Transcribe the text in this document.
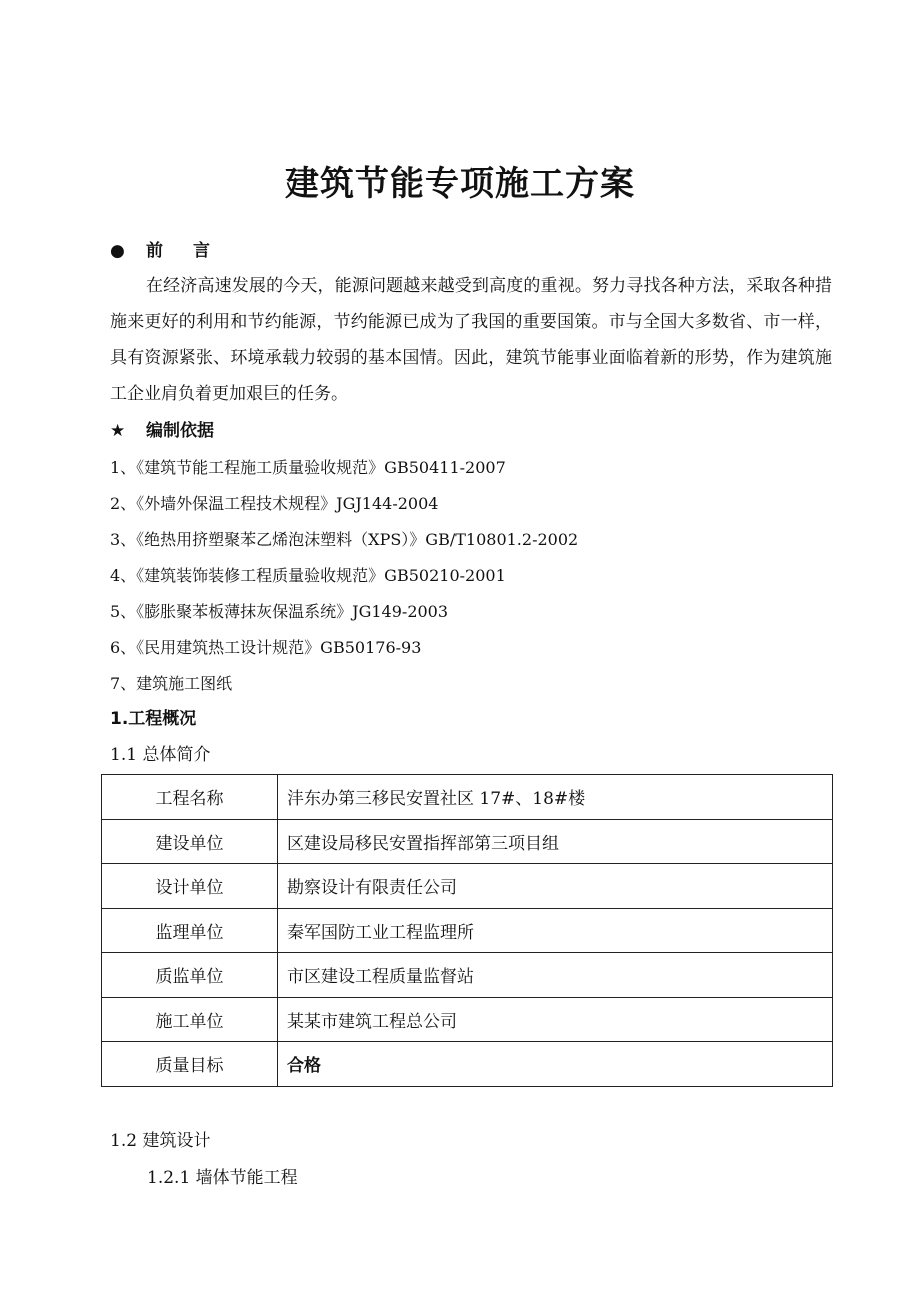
建筑节能专项施工方案
● 前言
在经济高速发展的今天，能源问题越来越受到高度的重视。努力寻找各种方法，采取各种措施来更好的利用和节约能源，节约能源已成为了我国的重要国策。市与全国大多数省、市一样，具有资源紧张、环境承载力较弱的基本国情。因此，建筑节能事业面临着新的形势，作为建筑施工企业肩负着更加艰巨的任务。
★ 编制依据
1、《建筑节能工程施工质量验收规范》GB50411-2007
2、《外墙外保温工程技术规程》JGJ144-2004
3、《绝热用挤塑聚苯乙烯泡沫塑料（XPS）》GB/T10801.2-2002
4、《建筑装饰装修工程质量验收规范》GB50210-2001
5、《膨胀聚苯板薄抹灰保温系统》JG149-2003
6、《民用建筑热工设计规范》GB50176-93
7、建筑施工图纸
1.工程概况
1.1 总体简介
工程名称	沣东办第三移民安置社区 17#、18#楼
建设单位	区建设局移民安置指挥部第三项目组
设计单位	勘察设计有限责任公司
监理单位	秦军国防工业工程监理所
质监单位	市区建设工程质量监督站
施工单位	某某市建筑工程总公司
质量目标	合格
1.2 建筑设计
1.2.1 墙体节能工程
